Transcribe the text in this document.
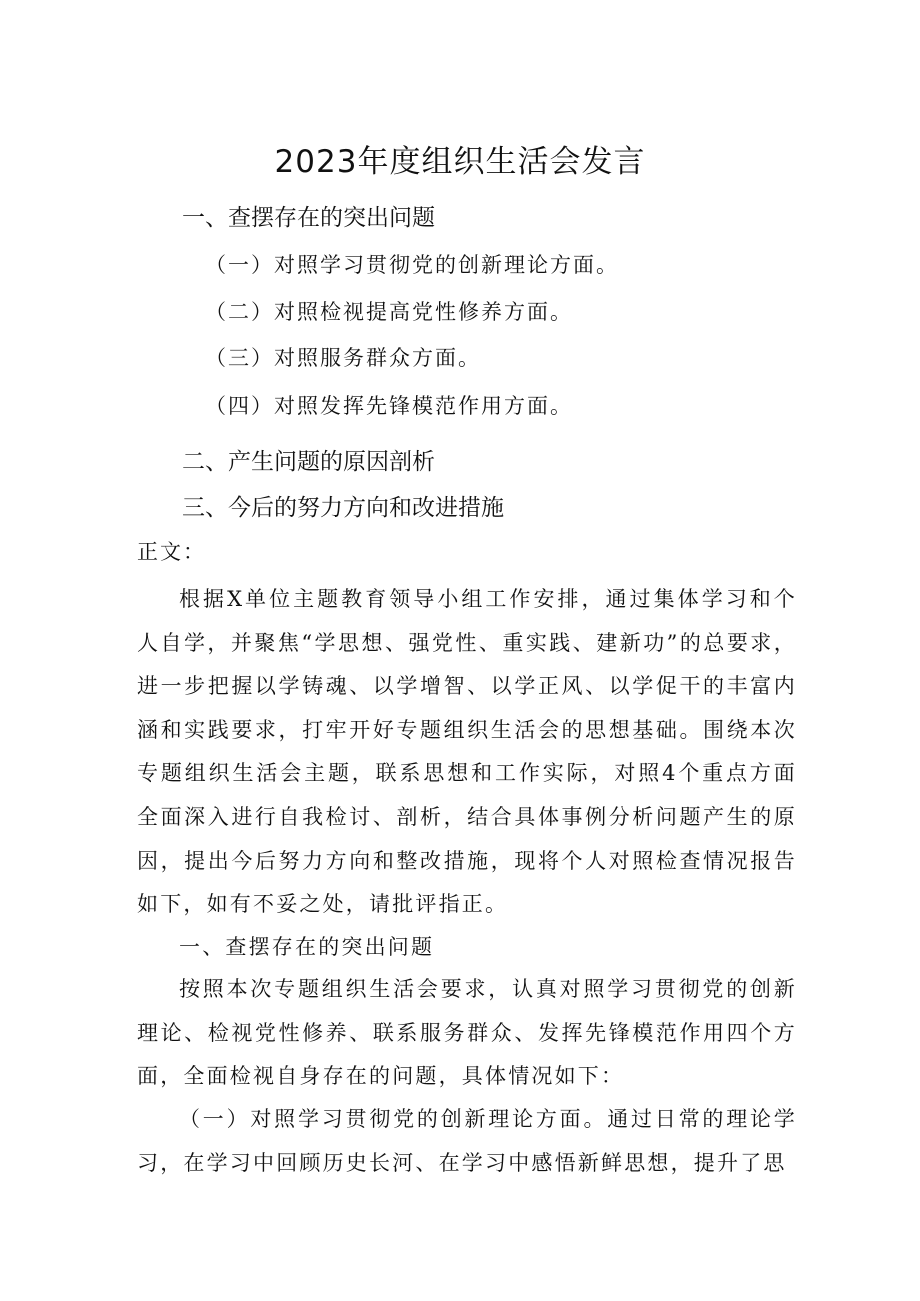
2023年度组织生活会发言
一、查摆存在的突出问题
（一）对照学习贯彻党的创新理论方面。
（二）对照检视提高党性修养方面。
（三）对照服务群众方面。
（四）对照发挥先锋模范作用方面。
二、产生问题的原因剖析
三、今后的努力方向和改进措施
正文：

根据X单位主题教育领导小组工作安排，通过集体学习和个人自学，并聚焦“学思想、强党性、重实践、建新功”的总要求，进一步把握以学铸魂、以学增智、以学正风、以学促干的丰富内涵和实践要求，打牢开好专题组织生活会的思想基础。围绕本次专题组织生活会主题，联系思想和工作实际，对照4个重点方面全面深入进行自我检讨、剖析，结合具体事例分析问题产生的原因，提出今后努力方向和整改措施，现将个人对照检查情况报告如下，如有不妥之处，请批评指正。

一、查摆存在的突出问题

按照本次专题组织生活会要求，认真对照学习贯彻党的创新理论、检视党性修养、联系服务群众、发挥先锋模范作用四个方面，全面检视自身存在的问题，具体情况如下：

（一）对照学习贯彻党的创新理论方面。通过日常的理论学习，在学习中回顾历史长河、在学习中感悟新鲜思想，提升了思
